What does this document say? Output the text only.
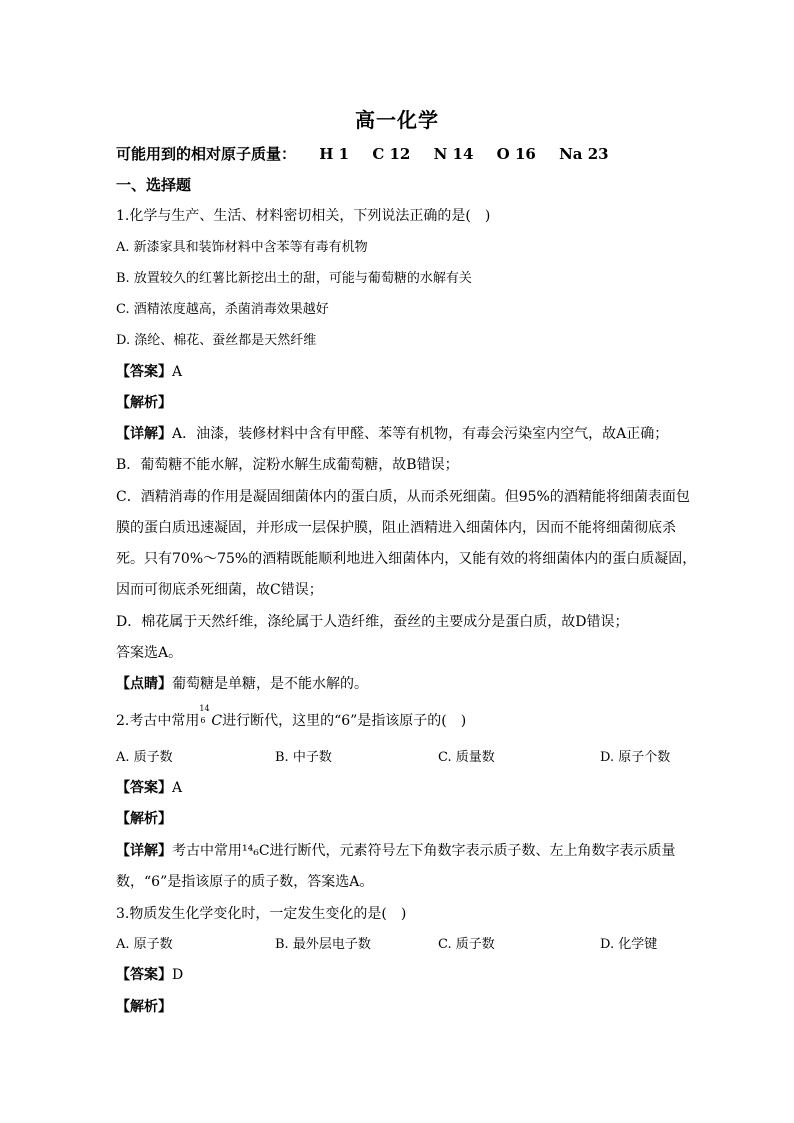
高一化学
可能用到的相对原子质量： H 1 C 12 N 14 O 16 Na 23
一、选择题
1.化学与生产、生活、材料密切相关，下列说法正确的是(　)
A. 新漆家具和装饰材料中含苯等有毒有机物
B. 放置较久的红薯比新挖出土的甜，可能与葡萄糖的水解有关
C. 酒精浓度越高，杀菌消毒效果越好
D. 涤纶、棉花、蚕丝都是天然纤维
【答案】A
【解析】
【详解】A．油漆，装修材料中含有甲醛、苯等有机物，有毒会污染室内空气，故A正确；
B．葡萄糖不能水解，淀粉水解生成葡萄糖，故B错误；
C．酒精消毒的作用是凝固细菌体内的蛋白质，从而杀死细菌。但95%的酒精能将细菌表面包
膜的蛋白质迅速凝固，并形成一层保护膜，阻止酒精进入细菌体内，因而不能将细菌彻底杀
死。只有70%～75%的酒精既能顺利地进入细菌体内，又能有效的将细菌体内的蛋白质凝固，
因而可彻底杀死细菌，故C错误；
D．棉花属于天然纤维，涤纶属于人造纤维，蚕丝的主要成分是蛋白质，故D错误；
答案选A。
【点睛】葡萄糖是单糖，是不能水解的。
2.考古中常用
14
6 C进行断代，这里的“6”是指该原子的(　)
A. 质子数	B. 中子数	C. 质量数	D. 原子个数
【答案】A
【解析】
【详解】考古中常用¹⁴₆C进行断代，元素符号左下角数字表示质子数、左上角数字表示质量
数，“6”是指该原子的质子数，答案选A。
3.物质发生化学变化时，一定发生变化的是(　)
A. 原子数	B. 最外层电子数	C. 质子数	D. 化学键
【答案】D
【解析】
